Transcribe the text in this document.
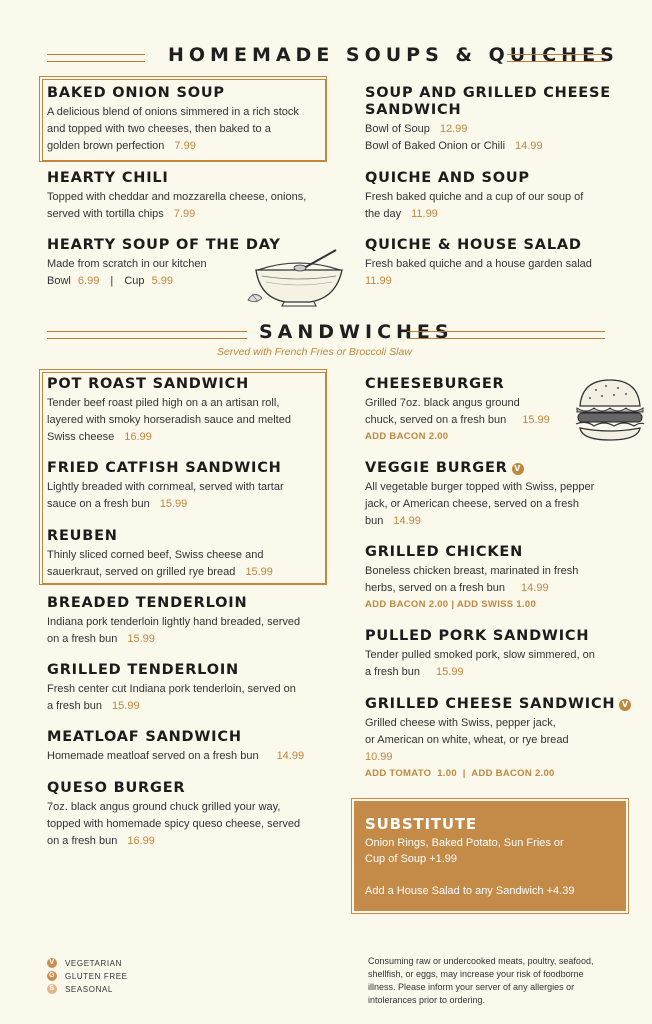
HOMEMADE SOUPS & QUICHES
BAKED ONION SOUP

A delicious blend of onions simmered in a rich stock
and topped with two cheeses, then baked to a
golden brown perfection 7.99

HEARTY CHILI

Topped with cheddar and mozzarella cheese, onions,
served with tortilla chips 7.99

HEARTY SOUP OF THE DAY

Made from scratch in our kitchen
Bowl 6.99 | Cup 5.99

SOUP AND GRILLED CHEESE
SANDWICH

Bowl of Soup 12.99
Bowl of Baked Onion or Chili 14.99

QUICHE AND SOUP

Fresh baked quiche and a cup of our soup of
the day 11.99

QUICHE & HOUSE SALAD

Fresh baked quiche and a house garden salad
11.99

SANDWICHES
Served with French Fries or Broccoli Slaw
POT ROAST SANDWICH

Tender beef roast piled high on a an artisan roll,
layered with smoky horseradish sauce and melted
Swiss cheese 16.99

FRIED CATFISH SANDWICH

Lightly breaded with cornmeal, served with tartar
sauce on a fresh bun 15.99

REUBEN

Thinly sliced corned beef, Swiss cheese and
sauerkraut, served on grilled rye bread 15.99

BREADED TENDERLOIN

Indiana pork tenderloin lightly hand breaded, served
on a fresh bun 15.99

GRILLED TENDERLOIN

Fresh center cut Indiana pork tenderloin, served on
a fresh bun 15.99

MEATLOAF SANDWICH

Homemade meatloaf served on a fresh bun 14.99

QUESO BURGER

7oz. black angus ground chuck grilled your way,
topped with homemade spicy queso cheese, served
on a fresh bun 16.99

CHEESEBURGER

Grilled 7oz. black angus ground
chuck, served on a fresh bun 15.99

ADD BACON 2.00
VEGGIE BURGER V

All vegetable burger topped with Swiss, pepper
jack, or American cheese, served on a fresh
bun 14.99

GRILLED CHICKEN

Boneless chicken breast, marinated in fresh
herbs, served on a fresh bun 14.99

ADD BACON 2.00 | ADD SWISS 1.00
PULLED PORK SANDWICH

Tender pulled smoked pork, slow simmered, on
a fresh bun 15.99

GRILLED CHEESE SANDWICH V

Grilled cheese with Swiss, pepper jack,
or American on white, wheat, or rye bread
10.99

ADD TOMATO  1.00  |  ADD BACON 2.00
SUBSTITUTE
Onion Rings, Baked Potato, Sun Fries or
Cup of Soup +1.99

Add a House Salad to any Sandwich +4.39
V VEGETARIAN
G GLUTEN FREE
S SEASONAL
Consuming raw or undercooked meats, poultry, seafood,
shellfish, or eggs, may increase your risk of foodborne
illness. Please inform your server of any allergies or
intolerances prior to ordering.
